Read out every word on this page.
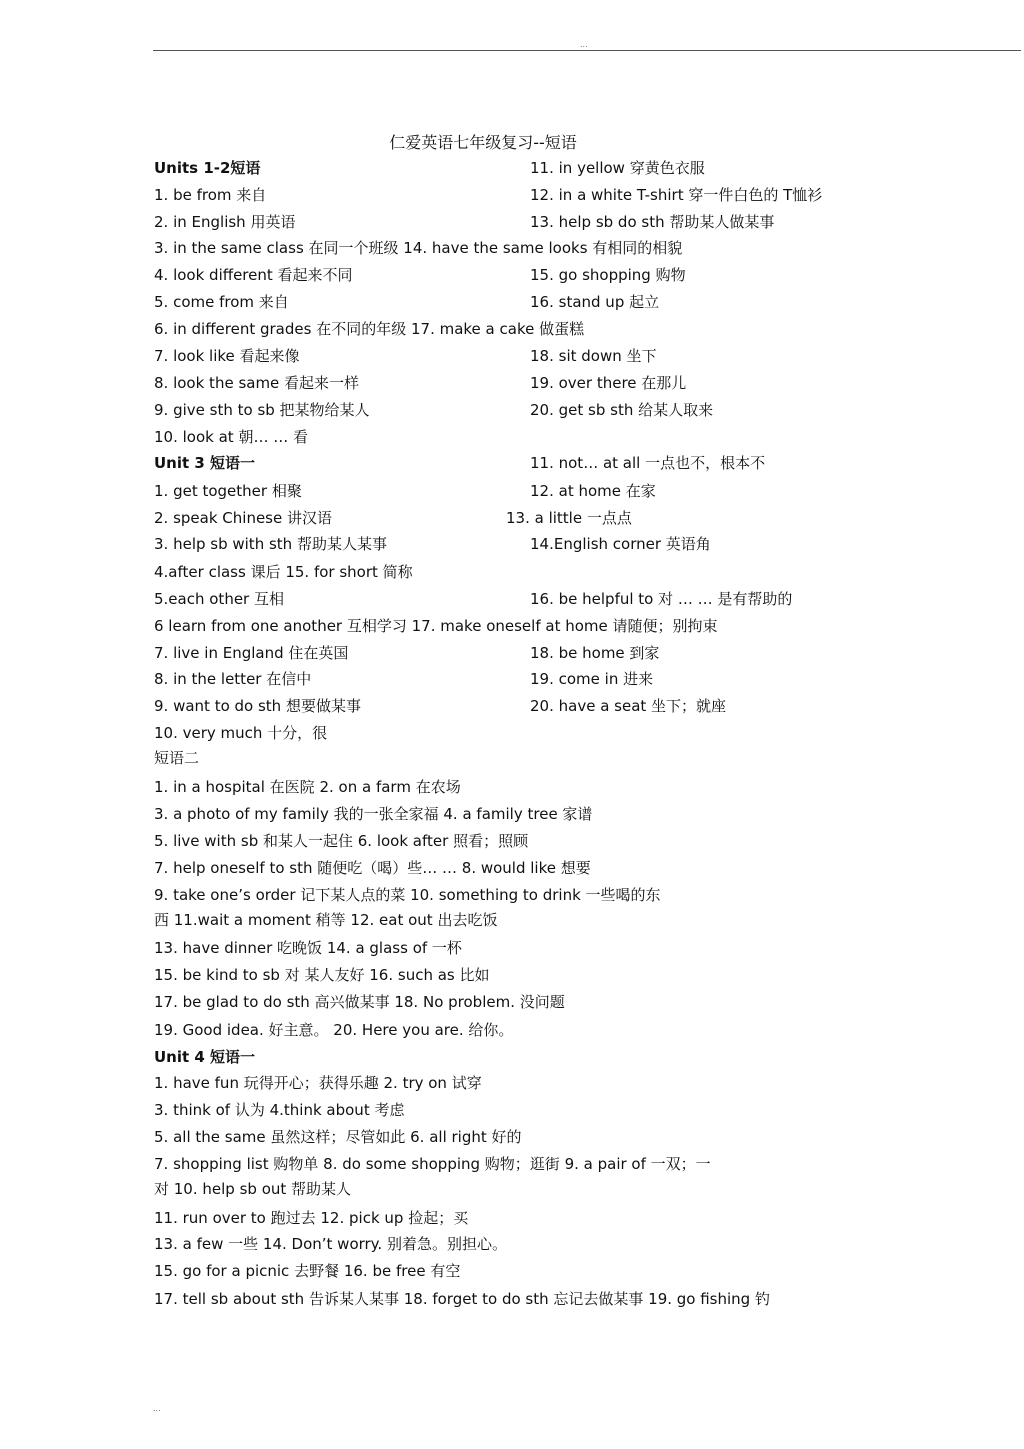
...
仁爱英语七年级复习--短语
Units 1-2短语	11. in yellow 穿黄色衣服
1. be from 来自	12. in a white T-shirt 穿一件白色的 T恤衫
2. in English 用英语	13. help sb do sth 帮助某人做某事
3. in the same class 在同一个班级 14. have the same looks 有相同的相貌
4. look different 看起来不同	15. go shopping 购物
5. come from 来自	16. stand up 起立
6. in different grades 在不同的年级 17. make a cake 做蛋糕
7. look like 看起来像	18. sit down 坐下
8. look the same 看起来一样	19. over there 在那儿
9. give sth to sb 把某物给某人	20. get sb sth 给某人取来
10. look at 朝… … 看
Unit 3 短语一	11. not… at all 一点也不，根本不
1. get together 相聚	12. at home 在家
2. speak Chinese 讲汉语	13. a little 一点点
3. help sb with sth 帮助某人某事	14.English corner 英语角
4.after class 课后 15. for short 简称
5.each other 互相	16. be helpful to 对 … … 是有帮助的
6 learn from one another 互相学习 17. make oneself at home 请随便；别拘束
7. live in England 住在英国	18. be home 到家
8. in the letter 在信中	19. come in 进来
9. want to do sth 想要做某事	20. have a seat 坐下；就座
10. very much 十分，很
短语二
1. in a hospital 在医院 2. on a farm 在农场
3. a photo of my family 我的一张全家福 4. a family tree 家谱
5. live with sb 和某人一起住 6. look after 照看；照顾
7. help oneself to sth 随便吃（喝）些… … 8. would like 想要
9. take one’s order 记下某人点的菜 10. something to drink 一些喝的东
西 11.wait a moment 稍等 12. eat out 出去吃饭
13. have dinner 吃晚饭 14. a glass of 一杯
15. be kind to sb 对 某人友好 16. such as 比如
17. be glad to do sth 高兴做某事 18. No problem. 没问题
19. Good idea. 好主意。 20. Here you are. 给你。
Unit 4 短语一
1. have fun 玩得开心；获得乐趣 2. try on 试穿
3. think of 认为 4.think about 考虑
5. all the same 虽然这样；尽管如此 6. all right 好的
7. shopping list 购物单 8. do some shopping 购物；逛街 9. a pair of 一双；一
对 10. help sb out 帮助某人
11. run over to 跑过去 12. pick up 捡起；买
13. a few 一些 14. Don’t worry. 别着急。别担心。
15. go for a picnic 去野餐 16. be free 有空
17. tell sb about sth 告诉某人某事 18. forget to do sth 忘记去做某事 19. go fishing 钓
...
